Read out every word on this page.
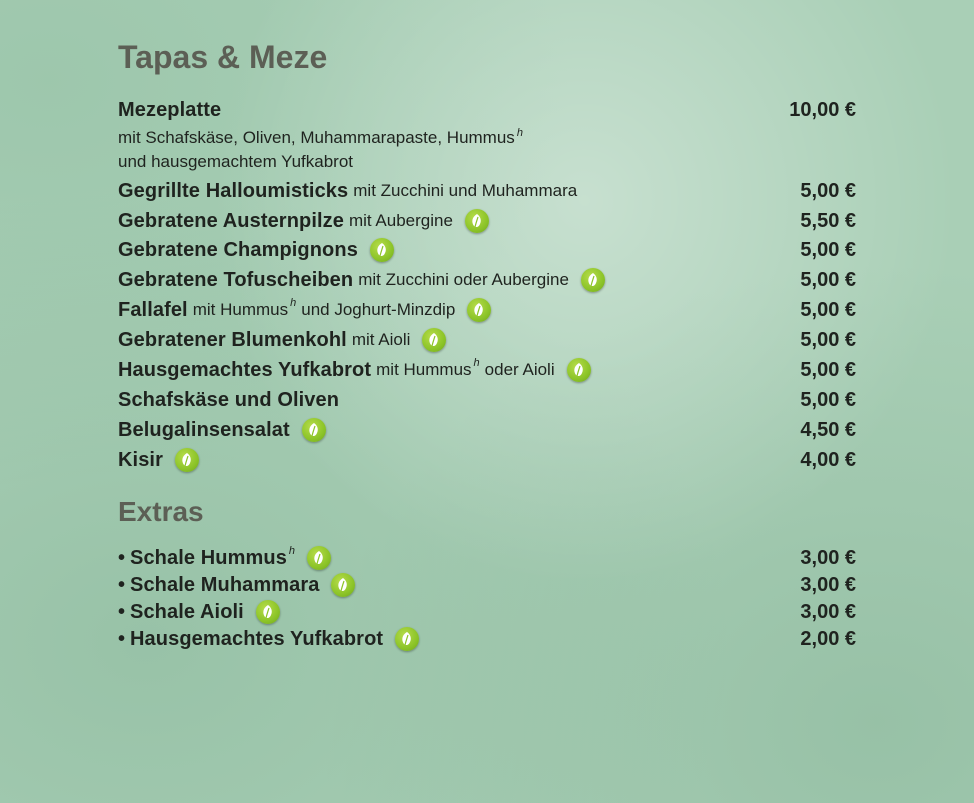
Tapas & Meze
Mezeplatte	10,00 €
mit Schafskäse, Oliven, Muhammarapaste, Hummus $^h$
und hausgemachtem Yufkabrot
Gegrillte Halloumisticks mit Zucchini und Muhammara	5,00 €
Gebratene Austernpilze mit Aubergine	5,50 €
Gebratene Champignons	5,00 €
Gebratene Tofuscheiben mit Zucchini oder Aubergine	5,00 €
Fallafel mit Hummus h und Joghurt-Minzdip	5,00 €
Gebratener Blumenkohl mit Aioli	5,00 €
Hausgemachtes Yufkabrot mit Hummus h oder Aioli	5,00 €
Schafskäse und Oliven	5,00 €
Belugalinsensalat	4,50 €
Kisir	4,00 €
Extras
• Schale Hummus h	3,00 €
• Schale Muhammara	3,00 €
• Schale Aioli	3,00 €
• Hausgemachtes Yufkabrot	2,00 €
